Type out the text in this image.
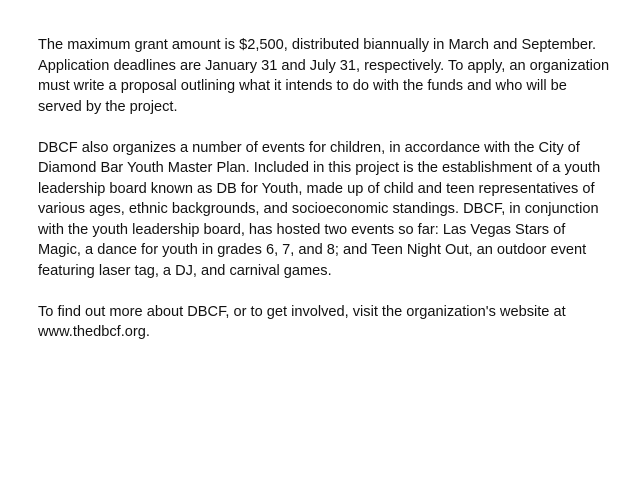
The maximum grant amount is $2,500, distributed biannually in March and September. Application deadlines are January 31 and July 31, respectively. To apply, an organization must write a proposal outlining what it intends to do with the funds and who will be served by the project.

DBCF also organizes a number of events for children, in accordance with the City of Diamond Bar Youth Master Plan. Included in this project is the establishment of a youth leadership board known as DB for Youth, made up of child and teen representatives of various ages, ethnic backgrounds, and socioeconomic standings. DBCF, in conjunction with the youth leadership board, has hosted two events so far: Las Vegas Stars of Magic, a dance for youth in grades 6, 7, and 8; and Teen Night Out, an outdoor event featuring laser tag, a DJ, and carnival games.

To find out more about DBCF, or to get involved, visit the organization's website at www.thedbcf.org.
